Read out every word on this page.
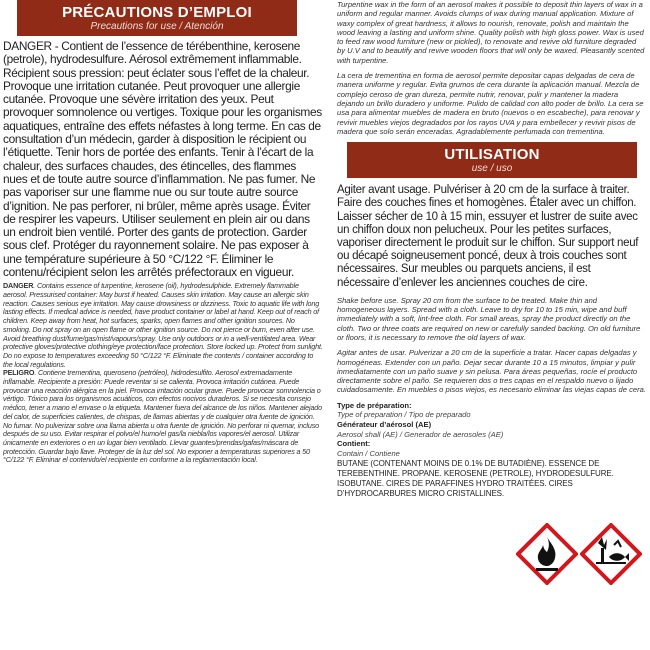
PRÉCAUTIONS D’EMPLOI
Precautions for use / Atención

DANGER - Contient de l’essence de térébenthine, kerosene (petrole), hydrodesulfure. Aérosol extrêmement inflammable. Récipient sous pression: peut éclater sous l’effet de la chaleur. Provoque une irritation cutanée. Peut provoquer une allergie cutanée. Provoque une sévère irritation des yeux. Peut provoquer somnolence ou vertiges. Toxique pour les organismes aquatiques, entraîne des effets néfastes à long terme. En cas de consultation d’un médecin, garder à disposition le récipient ou l’étiquette. Tenir hors de portée des enfants. Tenir à l’écart de la chaleur, des surfaces chaudes, des étincelles, des flammes nues et de toute autre source d’inflammation. Ne pas fumer. Ne pas vaporiser sur une flamme nue ou sur toute autre source d’ignition. Ne pas perforer, ni brûler, même après usage. Éviter de respirer les vapeurs. Utiliser seulement en plein air ou dans un endroit bien ventilé. Porter des gants de protection. Garder sous clef. Protéger du rayonnement solaire. Ne pas exposer à une température supérieure à 50 °C/122 °F. Éliminer le contenu/récipient selon les arrêtés préfectoraux en vigueur.

DANGER. Contains essence of turpentine, kerosene (oil), hydrodesulphide. Extremely flammable aerosol. Pressurised container: May burst if heated. Causes skin irritation. May cause an allergic skin reaction. Causes serious eye irritation. May cause drowsiness or dizziness. Toxic to aquatic life with long lasting effects. If medical advice is needed, have product container or label at hand. Keep out of reach of children. Keep away from heat, hot surfaces, sparks, open flames and other ignition sources. No smoking. Do not spray on an open flame or other ignition source. Do not pierce or burn, even after use. Avoid breathing dust/fume/gas/mist/vapours/spray. Use only outdoors or in a well-ventilated area. Wear protective gloves/protective clothing/eye protection/face protection. Store locked up. Protect from sunlight. Do no expose to temperatures exceeding 50 °C/122 °F. Eliminate the contents / container according to the local regulations.
PELIGRO. Contiene trementina, queroseno (petróleo), hidrodesulfito. Aerosol extremadamente inflamable. Recipiente a presión: Puede reventar si se calienta. Provoca irritación cutánea. Puede provocar una reacción alérgica en la piel. Provoca irritación ocular grave. Puede provocar somnolencia o vértigo. Tóxico para los organismos acuáticos, con efectos nocivos duraderos. Si se necesita consejo médico, tener a mano el envase o la etiqueta. Mantener fuera del alcance de los niños. Mantener alejado del calor, de superficies calientes, de chispas, de llamas abiertas y de cualquier otra fuente de ignición. No fumar. No pulverizar sobre una llama abierta u otra fuente de ignición. No perforar ni quemar, incluso después de su uso. Evitar respirar el polvo/el humo/el gas/la niebla/los vapores/el aerosol. Utilizar únicamente en exteriores o en un lugar bien ventilado. Llevar guantes/prendas/gafas/máscara de protección. Guardar bajo llave. Proteger de la luz del sol. No exponer a temperaturas superiores a 50 °C/122 °F. Eliminar el contenido/el recipiente en conforme a la reglamentación local.

Turpentine wax in the form of an aerosol makes it possible to deposit thin layers of wax in a uniform and regular manner. Avoids clumps of wax during manual application. Mixture of waxy complex of great hardness, it allows to nourish, renovate, polish and maintain the wood leaving a lasting and uniform shine. Quality polish with high gloss power. Wax is used to feed raw wood furniture (new or pickled), to renovate and revive old furniture degraded by U.V and to beautify and revive wooden floors that will only be waxed. Pleasantly scented with turpentine.

La cera de trementina en forma de aerosol permite depositar capas delgadas de cera de manera uniforme y regular. Evita grumos de cera durante la aplicación manual. Mezcla de complejo ceroso de gran dureza, permite nutrir, renovar, pulir y mantener la madera dejando un brillo duradero y uniforme. Pulido de calidad con alto poder de brillo. La cera se usa para alimentar muebles de madera en bruto (nuevos o en escabeche), para renovar y revivir muebles viejos degradados por los rayos UVA y para embellecer y revivir pisos de madera que solo serán enceradas. Agradablemente perfumada con trementina.

UTILISATION
use / uso

Agiter avant usage. Pulvériser à 20 cm de la surface à traiter. Faire des couches fines et homogènes. Étaler avec un chiffon. Laisser sécher de 10 à 15 min, essuyer et lustrer de suite avec un chiffon doux non pelucheux. Pour les petites surfaces, vaporiser directement le produit sur le chiffon. Sur support neuf ou décapé soigneusement poncé, deux à trois couches sont nécessaires. Sur meubles ou parquets anciens, il est nécessaire d’enlever les anciennes couches de cire.

Shake before use. Spray 20 cm from the surface to be treated. Make thin and homogeneous layers. Spread with a cloth. Leave to dry for 10 to 15 min, wipe and buff immediately with a soft, lint-free cloth. For small areas, spray the product directly on the cloth. Two or three coats are required on new or carefully sanded backing. On old furniture or floors, it is necessary to remove the old layers of wax.

Agitar antes de usar. Pulverizar a 20 cm de la superficie a tratar. Hacer capas delgadas y homogéneas. Extender con un paño. Dejar secar durante 10 a 15 minutos, limpiar y pulir inmediatamente con un paño suave y sin pelusa. Para áreas pequeñas, rocíe el producto directamente sobre el paño. Se requieren dos o tres capas en el respaldo nuevo o lijado cuidadosamente. En muebles o pisos viejos, es necesario eliminar las viejas capas de cera.

Type de préparation:
Type of preparation / Tipo de preparado
Générateur d’aérosol (AE)
Aerosol shall (AE) / Generador de aerosoles (AE)
Contient:
Contain / Contiene
BUTANE (CONTENANT MOINS DE 0.1% DE BUTADIÈNE). ESSENCE DE TEREBENTHINE. PROPANE. KEROSENE (PETROLE), HYDRODESULFURE. ISOBUTANE. CIRES DE PARAFFINES HYDRO TRAITÉES. CIRES D’HYDROCARBURES MICRO CRISTALLINES.
